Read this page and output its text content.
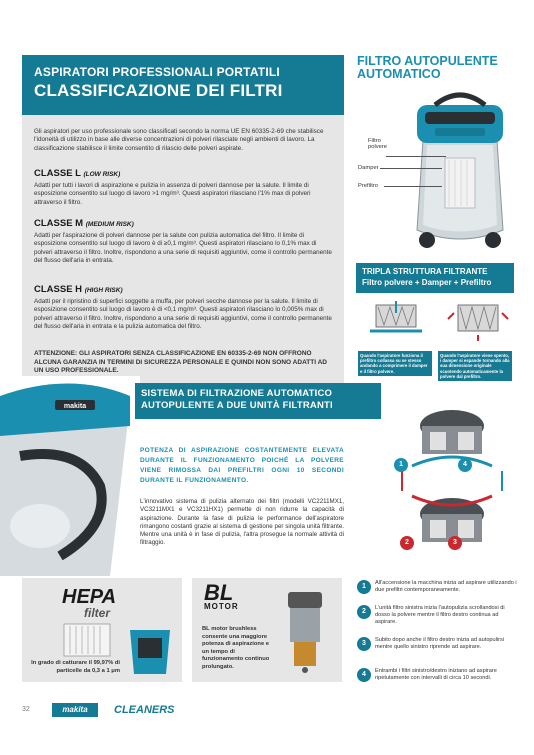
ASPIRATORI PROFESSIONALI PORTATILI
CLASSIFICAZIONE DEI FILTRI

Gli aspiratori per uso professionale sono classificati secondo la norma UE EN 60335-2-69 che stabilisce l'idoneità di utilizzo in base alle diverse concentrazioni di polveri rilasciate negli ambienti di lavoro. La classificazione stabilisce il limite consentito di rilascio delle polveri aspirate.

CLASSE L (LOW RISK)

Adatti per tutti i lavori di aspirazione e pulizia in assenza di polveri dannose per la salute. Il limite di esposizione consentito sul luogo di lavoro >1 mg/m³. Questi aspiratori rilasciano l'1% max di polveri attraverso il filtro.

CLASSE M (MEDIUM RISK)

Adatti per l'aspirazione di polveri dannose per la salute con pulizia automatica del filtro. Il limite di esposizione consentito sul luogo di lavoro è di ≥0,1 mg/m³. Questi aspiratori rilasciano lo 0,1% max di polveri attraverso il filtro. Inoltre, rispondono a una serie di requisiti aggiuntivi, come il controllo permanente del flusso dell'aria in entrata.

CLASSE H (HIGH RISK)

Adatti per il ripristino di superfici soggette a muffa, per polveri secche dannose per la salute. Il limite di esposizione consentito sul luogo di lavoro è di <0,1 mg/m³. Questi aspiratori rilasciano lo 0,005% max di polveri attraverso il filtro. Inoltre, rispondono a una serie di requisiti aggiuntivi, come il controllo permanente del flusso dell'aria in entrata e la pulizia automatica del filtro.

ATTENZIONE: GLI ASPIRATORI SENZA CLASSIFICAZIONE EN 60335-2-69 NON OFFRONO ALCUNA GARANZIA IN TERMINI DI SICUREZZA PERSONALE E QUINDI NON SONO ADATTI AD UN USO PROFESSIONALE.

FILTRO AUTOPULENTE
AUTOMATICO
Filtro polvere
Damper
Prefiltro
TRIPLA STRUTTURA FILTRANTE
Filtro polvere + Damper + Prefiltro
Quando l'aspiratore funziona il prefiltro collassa su se stesso andando a comprimere il damper e il filtro polvere.
Quando l'aspiratore viene spento, i damper si espande tornando alla sua dimensione originale scuotendo automaticamente la polvere dal prefiltro.
makita
SISTEMA DI FILTRAZIONE AUTOMATICO
AUTOPULENTE A DUE UNITÀ FILTRANTI

POTENZA DI ASPIRAZIONE COSTANTEMENTE ELEVATA DURANTE IL FUNZIONAMENTO POICHÉ LA POLVERE VIENE RIMOSSA DAI PREFILTRI OGNI 10 SECONDI DURANTE IL FUNZIONAMENTO.

L'innovativo sistema di pulizia alternato dei filtri (modelli VC2211MX1, VC3211MX1 e VC3211HX1) permette di non ridurre la capacità di aspirazione. Durante la fase di pulizia le performance dell'aspiratore rimangono costanti grazie al sistema di gestione per singola unità filtrante. Mentre una unità è in fase di pulizia, l'altra prosegue la normale attività di filtraggio.

1	4
2	3
HEPA
filter
In grado di catturare il 99,97% di particelle da 0,3 a 1 μm
BL
MOTOR
BL motor brushless consente una maggiore potenza di aspirazione e un tempo di funzionamento continuo prolungato.
1	All'accensione la macchina inizia ad aspirare utilizzando i due prefiltri contemporaneamente.
2	L'unità filtro sinistra inizia l'autopulizia scrollandosi di dosso la polvere mentre il filtro destro continua ad aspirare.
3	Subito dopo anche il filtro destro inizia ad autopulirsi mentre quello sinistro riprende ad aspirare.
4	Entrambi i filtri sinistro/destro iniziano ad aspirare ripetutamente con intervalli di circa 10 secondi.
32	makita	CLEANERS
